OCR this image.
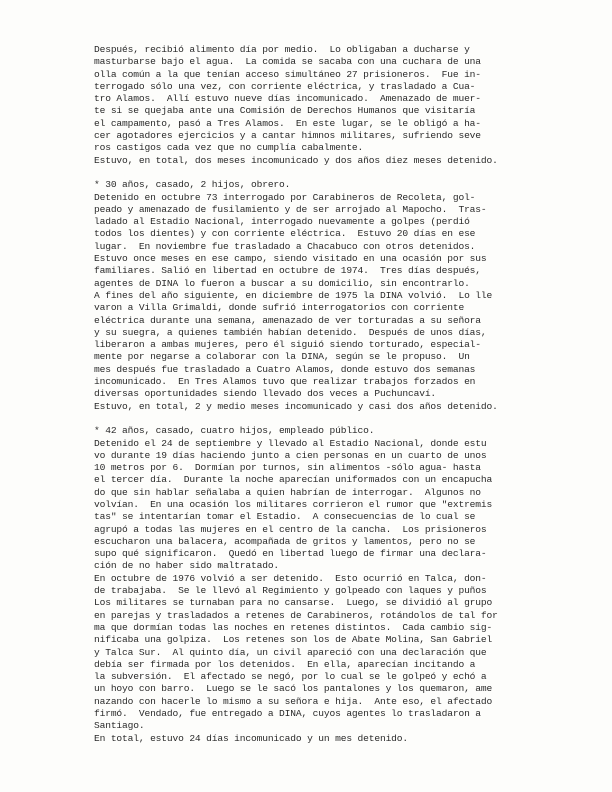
Después, recibió alimento día por medio.  Lo obligaban a ducharse y
masturbarse bajo el agua.  La comida se sacaba con una cuchara de una
olla común a la que tenían acceso simultáneo 27 prisioneros.  Fue in-
terrogado sólo una vez, con corriente eléctrica, y trasladado a Cua-
tro Alamos.  Allí estuvo nueve días incomunicado.  Amenazado de muer-
te si se quejaba ante una Comisión de Derechos Humanos que visitaría
el campamento, pasó a Tres Alamos.  En este lugar, se le obligó a ha-
cer agotadores ejercicios y a cantar himnos militares, sufriendo seve
ros castigos cada vez que no cumplía cabalmente.
Estuvo, en total, dos meses incomunicado y dos años diez meses detenido.
* 30 años, casado, 2 hijos, obrero.
Detenido en octubre 73 interrogado por Carabineros de Recoleta, gol-
peado y amenazado de fusilamiento y de ser arrojado al Mapocho.  Tras-
ladado al Estadio Nacional, interrogado nuevamente a golpes (perdió
todos los dientes) y con corriente eléctrica.  Estuvo 20 días en ese
lugar.  En noviembre fue trasladado a Chacabuco con otros detenidos.
Estuvo once meses en ese campo, siendo visitado en una ocasión por sus
familiares. Salió en libertad en octubre de 1974.  Tres días después,
agentes de DINA lo fueron a buscar a su domicilio, sin encontrarlo.
A fines del año siguiente, en diciembre de 1975 la DINA volvió.  Lo lle
varon a Villa Grimaldi, donde sufrió interrogatorios con corriente
eléctrica durante una semana, amenazado de ver torturadas a su señora
y su suegra, a quienes también habían detenido.  Después de unos días,
liberaron a ambas mujeres, pero él siguió siendo torturado, especial-
mente por negarse a colaborar con la DINA, según se le propuso.  Un
mes después fue trasladado a Cuatro Alamos, donde estuvo dos semanas
incomunicado.  En Tres Alamos tuvo que realizar trabajos forzados en
diversas oportunidades siendo llevado dos veces a Puchuncaví.
Estuvo, en total, 2 y medio meses incomunicado y casi dos años detenido.
* 42 años, casado, cuatro hijos, empleado público.
Detenido el 24 de septiembre y llevado al Estadio Nacional, donde estu
vo durante 19 días haciendo junto a cien personas en un cuarto de unos
10 metros por 6.  Dormían por turnos, sin alimentos -sólo agua- hasta
el tercer día.  Durante la noche aparecían uniformados con un encapucha
do que sin hablar señalaba a quien habrían de interrogar.  Algunos no
volvían.  En una ocasión los militares corrieron el rumor que "extremis
tas" se intentarían tomar el Estadio.  A consecuencias de lo cual se
agrupó a todas las mujeres en el centro de la cancha.  Los prisioneros
escucharon una balacera, acompañada de gritos y lamentos, pero no se
supo qué significaron.  Quedó en libertad luego de firmar una declara-
ción de no haber sido maltratado.
En octubre de 1976 volvió a ser detenido.  Esto ocurrió en Talca, don-
de trabajaba.  Se le llevó al Regimiento y golpeado con laques y puños
Los militares se turnaban para no cansarse.  Luego, se dividió al grupo
en parejas y trasladados a retenes de Carabineros, rotándolos de tal for
ma que dormían todas las noches en retenes distintos.  Cada cambio sig-
nificaba una golpiza.  Los retenes son los de Abate Molina, San Gabriel
y Talca Sur.  Al quinto día, un civil apareció con una declaración que
debía ser firmada por los detenidos.  En ella, aparecían incitando a
la subversión.  El afectado se negó, por lo cual se le golpeó y echó a
un hoyo con barro.  Luego se le sacó los pantalones y los quemaron, ame
nazando con hacerle lo mismo a su señora e hija.  Ante eso, el afectado
firmó.  Vendado, fue entregado a DINA, cuyos agentes lo trasladaron a
Santiago.
En total, estuvo 24 días incomunicado y un mes detenido.
